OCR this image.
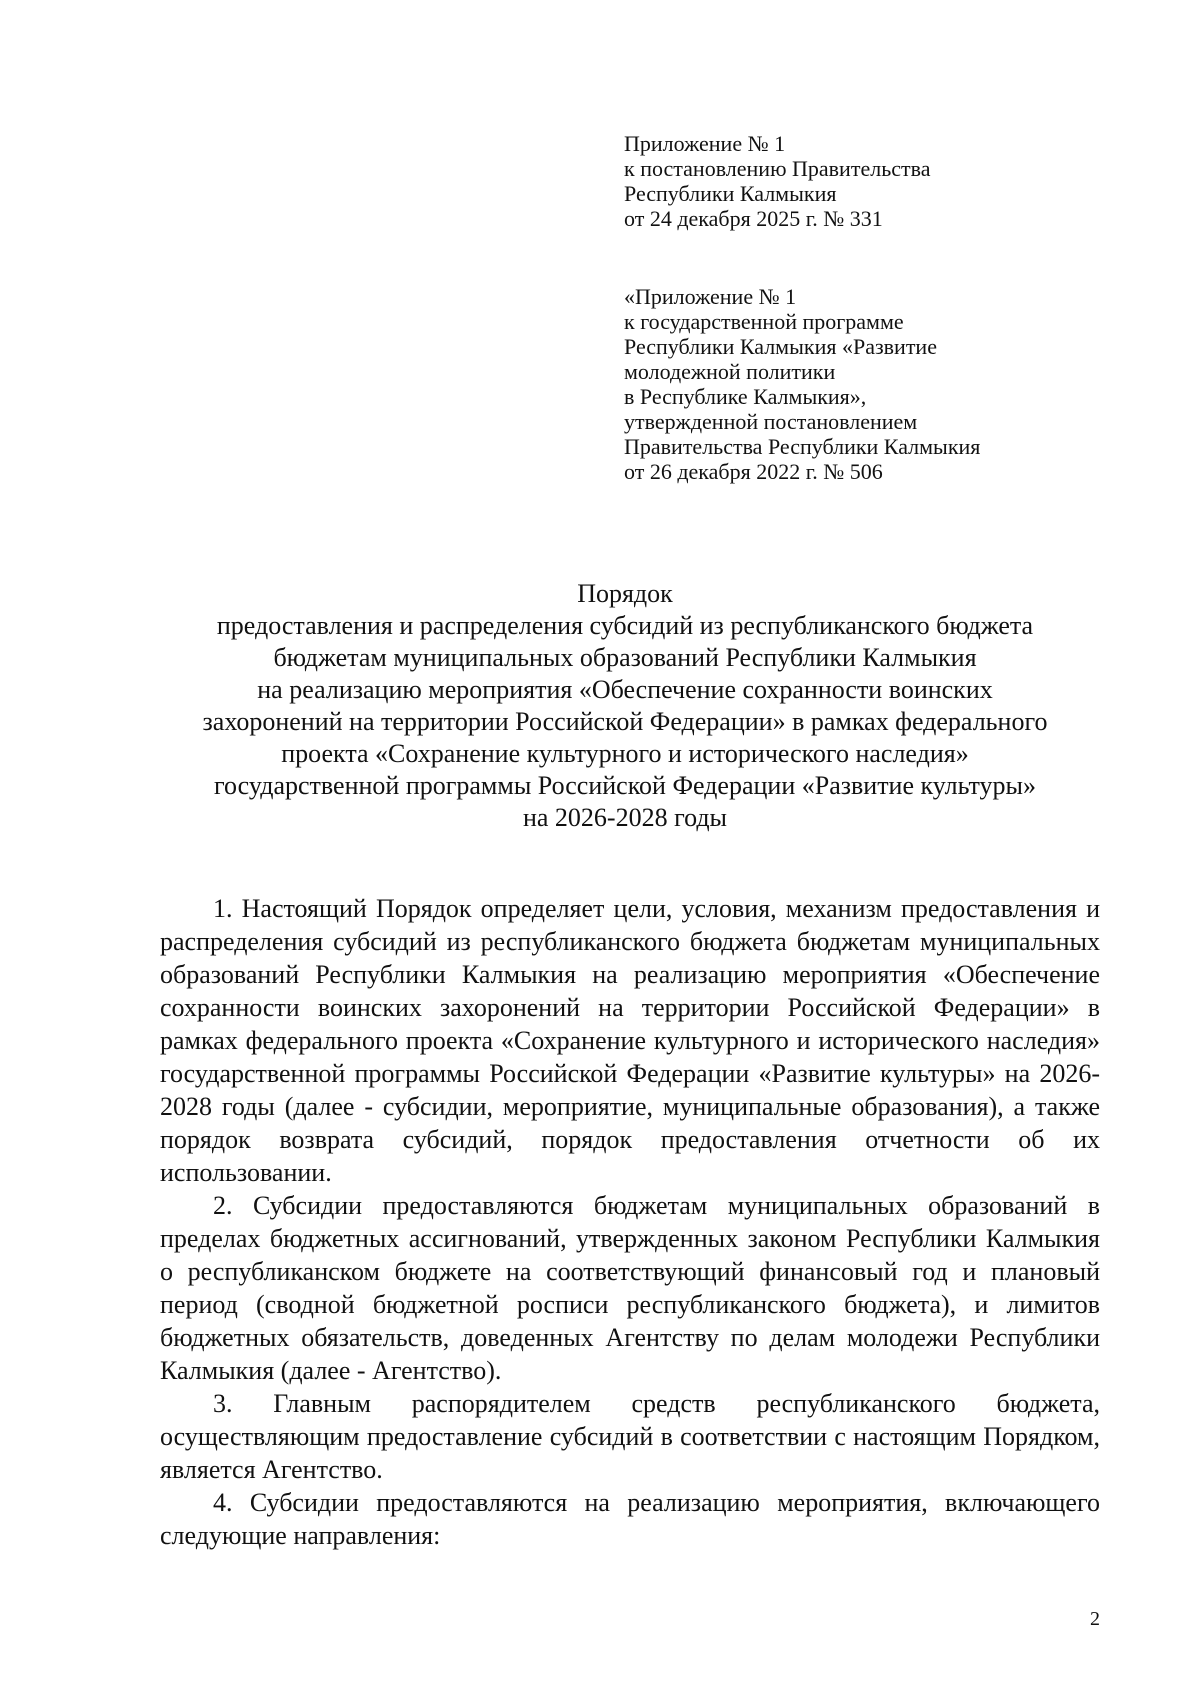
Приложение № 1
к постановлению Правительства
Республики Калмыкия
от 24 декабря 2025 г. № 331
«Приложение № 1
к государственной программе
Республики Калмыкия «Развитие
молодежной политики
в Республике Калмыкия»,
утвержденной постановлением
Правительства Республики Калмыкия
от 26 декабря 2022 г. № 506
Порядок
предоставления и распределения субсидий из республиканского бюджета
бюджетам муниципальных образований Республики Калмыкия
на реализацию мероприятия «Обеспечение сохранности воинских
захоронений на территории Российской Федерации» в рамках федерального
проекта «Сохранение культурного и исторического наследия»
государственной программы Российской Федерации «Развитие культуры»
на 2026-2028 годы

1. Настоящий Порядок определяет цели, условия, механизм предоставления и распределения субсидий из республиканского бюджета бюджетам муниципальных образований Республики Калмыкия на реализацию мероприятия «Обеспечение сохранности воинских захоронений на территории Российской Федерации» в рамках федерального проекта «Сохранение культурного и исторического наследия» государственной программы Российской Федерации «Развитие культуры» на 2026-2028 годы (далее - субсидии, мероприятие, муниципальные образования), а также порядок возврата субсидий, порядок предоставления отчетности об их использовании.

2. Субсидии предоставляются бюджетам муниципальных образований в пределах бюджетных ассигнований, утвержденных законом Республики Калмыкия о республиканском бюджете на соответствующий финансовый год и плановый период (сводной бюджетной росписи республиканского бюджета), и лимитов бюджетных обязательств, доведенных Агентству по делам молодежи Республики Калмыкия (далее - Агентство).

3. Главным распорядителем средств республиканского бюджета, осуществляющим предоставление субсидий в соответствии с настоящим Порядком, является Агентство.

4. Субсидии предоставляются на реализацию мероприятия, включающего следующие направления:

2
